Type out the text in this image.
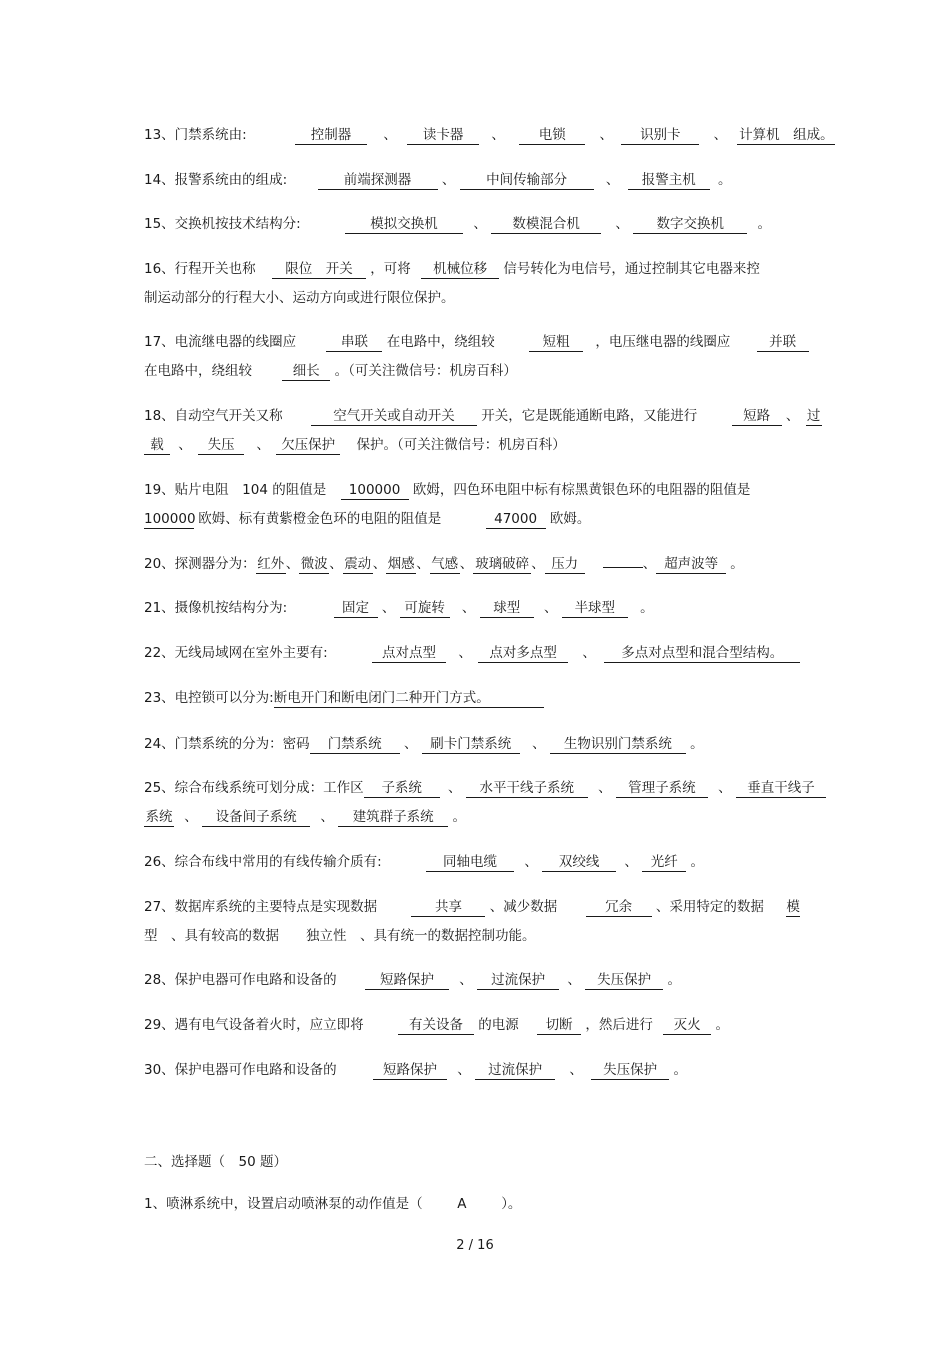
13、门禁系统由:	控制器 、 读卡器 、	电锁	、 识别卡 、 计算机　组成。
14、报警系统由的组成:	前端探测器 、 中间传输部分	、 报警主机 。
15、交换机按技术结构分:	模拟交换机	、 数模混合机	、 数字交换机 。
16、行程开关也称 限位　开关 ，可将 机械位移 信号转化为电信号，通过控制其它电器来控
制运动部分的行程大小、运动方向或进行限位保护。
17、电流继电器的线圈应	串联 在电路中，绕组较	短粗 ，电压继电器的线圈应	并联
在电路中，绕组较	细长 。（可关注微信号：机房百科）
18、自动空气开关又称	空气开关或自动开关 开关，它是既能通断电路，又能进行	短路 、 过
载 、 失压 、 欠压保护 保护。（可关注微信号：机房百科）
19、贴片电阻　104 的阻值是 100000 欧姆，四色环电阻中标有棕黑黄银色环的电阻器的阻值是
100000 欧姆、标有黄紫橙金色环的电阻的阻值是	47000 欧姆。
20、探测器分为： 红外 、 微波 、 震动 、 烟感 、 气感 、 玻璃破碎 、 压力	、 超声波等 。
21、摄像机按结构分为:	固定 、 可旋转 、 球型 、 半球型 。
22、无线局域网在室外主要有:	点对点型 、 点对多点型 、 多点对点型和混合型结构。
23、电控锁可以分为:断电开门和断电闭门二种开门方式。
24、门禁系统的分为：密码 门禁系统 、 刷卡门禁系统 、 生物识别门禁系统 。
25、综合布线系统可划分成：工作区 子系统 、 水平干线子系统 、 管理子系统 、 垂直干线子
系统 、 设备间子系统 、 建筑群子系统 。
26、综合布线中常用的有线传输介质有:	同轴电缆 、 双绞线 、 光纤 。
27、数据库系统的主要特点是实现数据	共享 、减少数据	冗余 、采用特定的数据 模
型　、具有较高的数据　　独立性　、具有统一的数据控制功能。
28、保护电器可作电路和设备的	短路保护 、 过流保护 、 失压保护 。
29、遇有电气设备着火时，应立即将	有关设备 的电源 切断 ，然后进行 灭火 。
30、保护电器可作电路和设备的	短路保护 、 过流保护 、 失压保护 。
二、选择题（　50 题）
1、喷淋系统中，设置启动喷淋泵的动作值是（	A	）。
2 / 16
